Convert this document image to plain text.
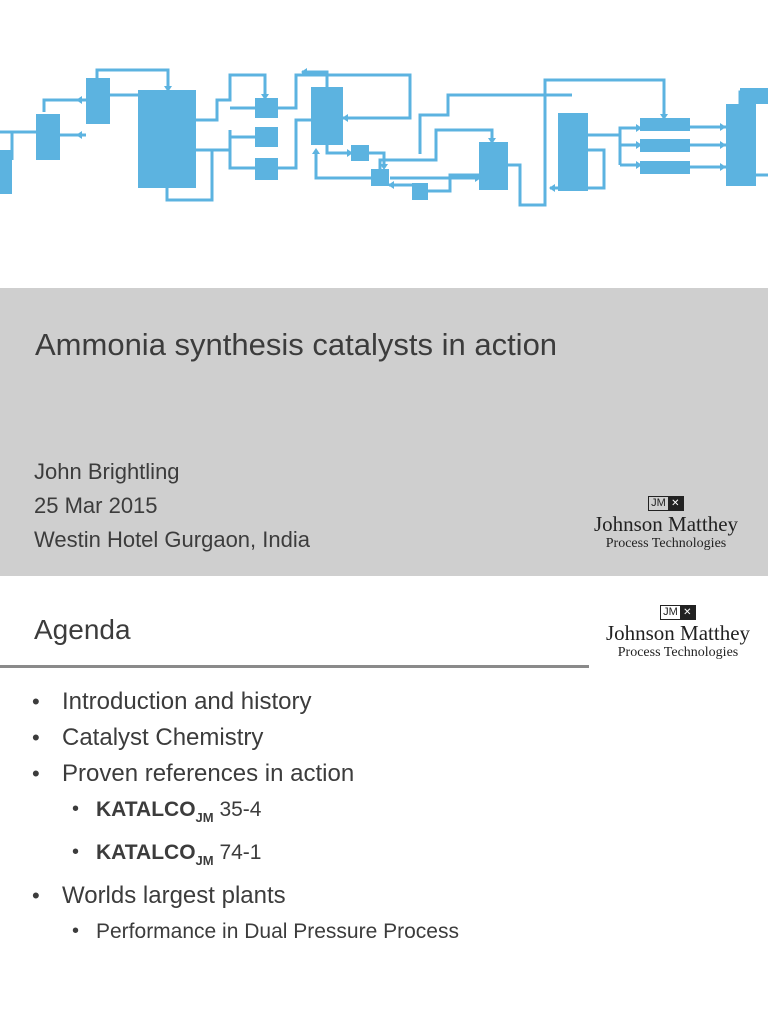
Ammonia synthesis catalysts in action
John Brightling
25 Mar 2015
Westin Hotel Gurgaon, India
JM ✕
Johnson Matthey
Process Technologies
Agenda
JM ✕
Johnson Matthey
Process Technologies
• Introduction and history
• Catalyst Chemistry
• Proven references in action
• $KATALCO_{JM}$ 35-4
• $KATALCO_{JM}$ 74-1
• Worlds largest plants
• Performance in Dual Pressure Process
